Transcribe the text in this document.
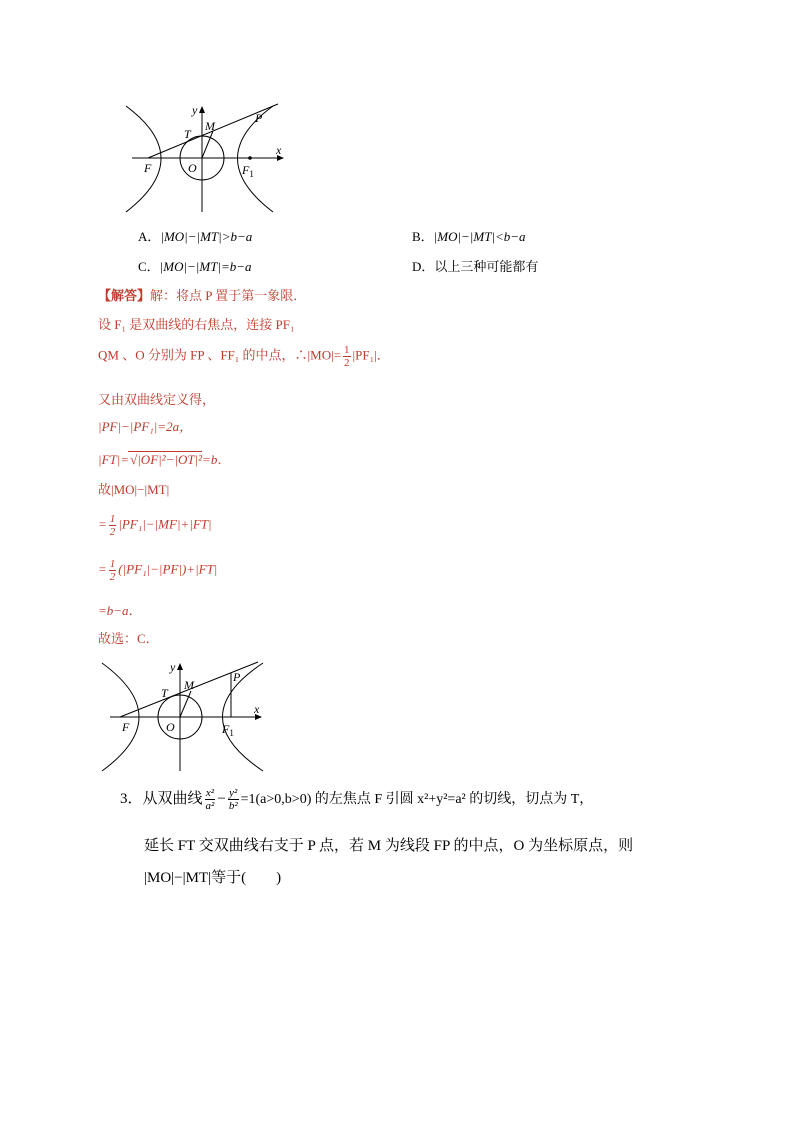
y
x
T
M
P
F	O	$F_1$
A．|MO|−|MT|>b−a	B．|MO|−|MT|<b−a
C．|MO|−|MT|=b−a	D．以上三种可能都有
【解答】解：将点 P 置于第一象限．
设 F₁ 是双曲线的右焦点，连接 PF₁
QM 、O 分别为 FP 、FF₁ 的中点，∴|MO|= $\frac{1}{2} |PF_1|$．
又由双曲线定义得，
|PF|−|PF₁|=2a，
|FT|=√|OF|²−|OT|²=b．
故|MO|−|MT|
= $\frac{1}{2} |PF_1|-|MF|+|FT|$
= $\frac{1}{2} (|PF_1|-|PF|)+|FT|$
=b−a．
故选：C．
y
x
T
M
P
F	O	$F_1$
3．从双曲线 $\frac{\text{x²}}{\text{a²}} - \frac{\text{y²}}{\text{b²}} =1(a>0,b>0)$ 的左焦点 F 引圆 x²+y²=a² 的切线，切点为 T，
延长 FT 交双曲线右支于 P 点，若 M 为线段 FP 的中点，O 为坐标原点，则
|MO|−|MT|等于(　　)
